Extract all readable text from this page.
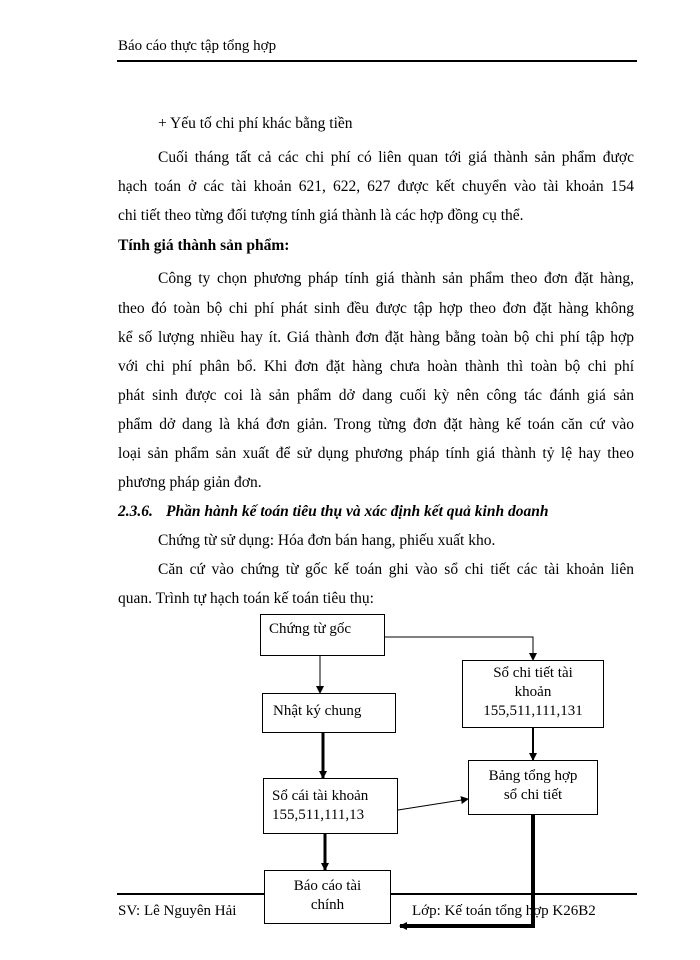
Báo cáo thực tập tổng hợp
+ Yếu tố chi phí khác bằng tiền
Cuối tháng tất cả các chi phí có liên quan tới giá thành sản phẩm được
hạch toán ở các tài khoản 621, 622, 627 được kết chuyển vào tài khoản 154
chi tiết theo từng đối tượng tính giá thành là các hợp đồng cụ thể.
Tính giá thành sản phẩm:
Công ty chọn phương pháp tính giá thành sản phẩm theo đơn đặt hàng,
theo đó toàn bộ chi phí phát sinh đều được tập hợp theo đơn đặt hàng không
kể số lượng nhiều hay ít. Giá thành đơn đặt hàng bằng toàn bộ chi phí tập hợp
với chi phí phân bổ. Khi đơn đặt hàng chưa hoàn thành thì toàn bộ chi phí
phát sinh được coi là sản phẩm dở dang cuối kỳ nên công tác đánh giá sản
phẩm dở dang là khá đơn giản. Trong từng đơn đặt hàng kế toán căn cứ vào
loại sản phẩm sản xuất để sử dụng phương pháp tính giá thành tỷ lệ hay theo
phương pháp giản đơn.
2.3.6. Phần hành kế toán tiêu thụ và xác định kết quả kinh doanh
Chứng từ sử dụng: Hóa đơn bán hang, phiếu xuất kho.
Căn cứ vào chứng từ gốc kế toán ghi vào sổ chi tiết các tài khoản liên
quan. Trình tự hạch toán kế toán tiêu thụ:
Chứng từ gốc
Sổ chi tiết tài
khoản
155,511,111,131
Nhật ký chung
Bảng tổng hợp
sổ chi tiết
Sổ cái tài khoản
155,511,111,13
Báo cáo tài
chính
SV: Lê Nguyên Hải	Lớp: Kế toán tổng hợp K26B2
